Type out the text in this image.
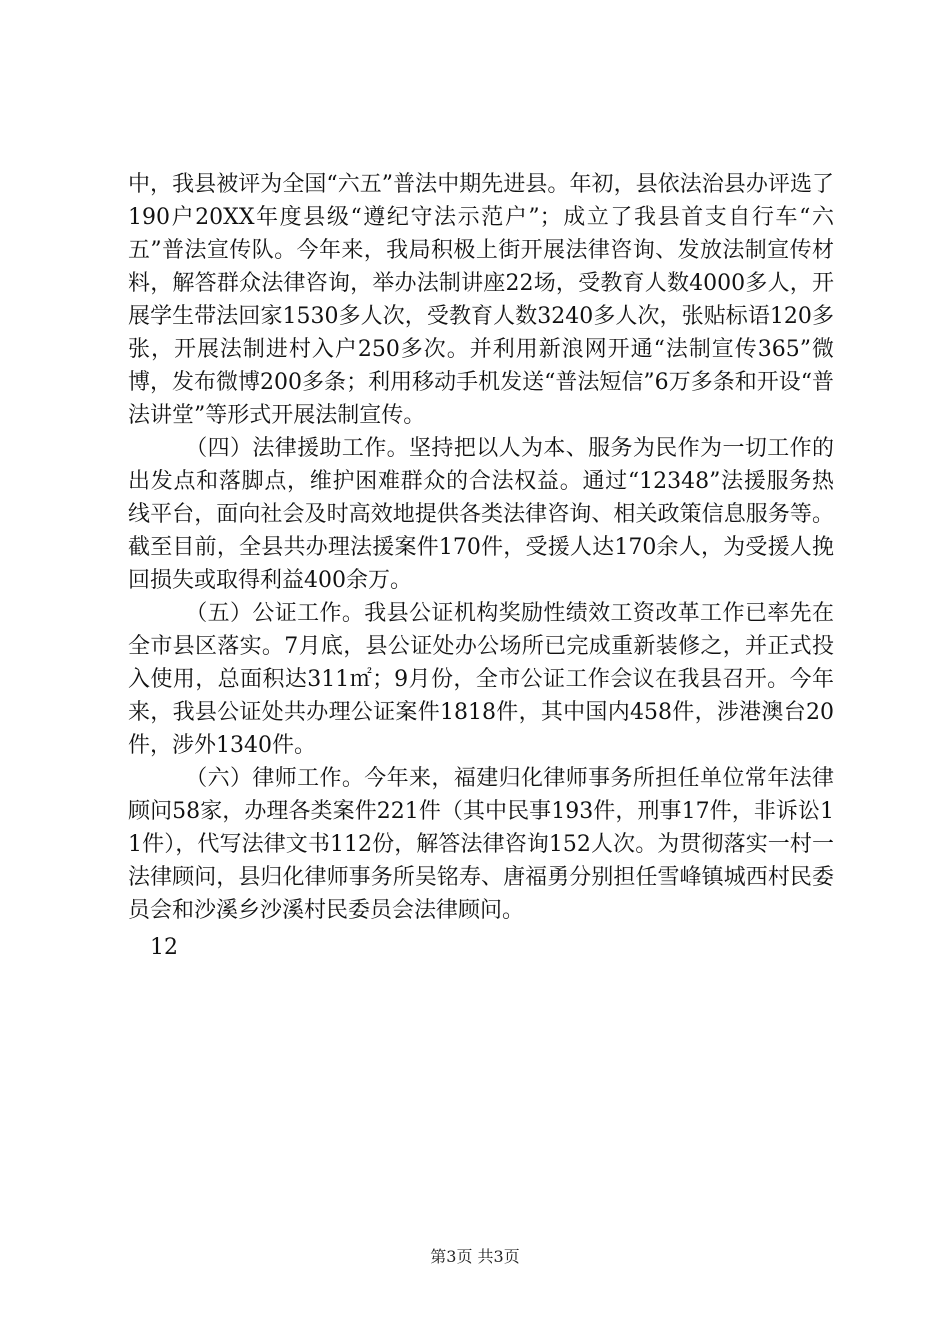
中，我县被评为全国“六五”普法中期先进县。年初，县依法治县办评选了190户20XX年度县级“遵纪守法示范户”；成立了我县首支自行车“六五”普法宣传队。今年来，我局积极上街开展法律咨询、发放法制宣传材料，解答群众法律咨询，举办法制讲座22场，受教育人数4000多人，开展学生带法回家1530多人次，受教育人数3240多人次，张贴标语120多张，开展法制进村入户250多次。并利用新浪网开通“法制宣传365”微博，发布微博200多条；利用移动手机发送“普法短信”6万多条和开设“普法讲堂”等形式开展法制宣传。

（四）法律援助工作。坚持把以人为本、服务为民作为一切工作的出发点和落脚点，维护困难群众的合法权益。通过“12348”法援服务热线平台，面向社会及时高效地提供各类法律咨询、相关政策信息服务等。截至目前，全县共办理法援案件170件，受援人达170余人，为受援人挽回损失或取得利益400余万。

（五）公证工作。我县公证机构奖励性绩效工资改革工作已率先在全市县区落实。7月底，县公证处办公场所已完成重新装修之，并正式投入使用，总面积达311㎡；9月份，全市公证工作会议在我县召开。今年来，我县公证处共办理公证案件1818件，其中国内458件，涉港澳台20件，涉外1340件。

（六）律师工作。今年来，福建归化律师事务所担任单位常年法律顾问58家，办理各类案件221件（其中民事193件，刑事17件，非诉讼11件），代写法律文书112份，解答法律咨询152人次。为贯彻落实一村一法律顾问，县归化律师事务所吴铭寿、唐福勇分别担任雪峰镇城西村民委员会和沙溪乡沙溪村民委员会法律顾问。

12

第3页 共3页
